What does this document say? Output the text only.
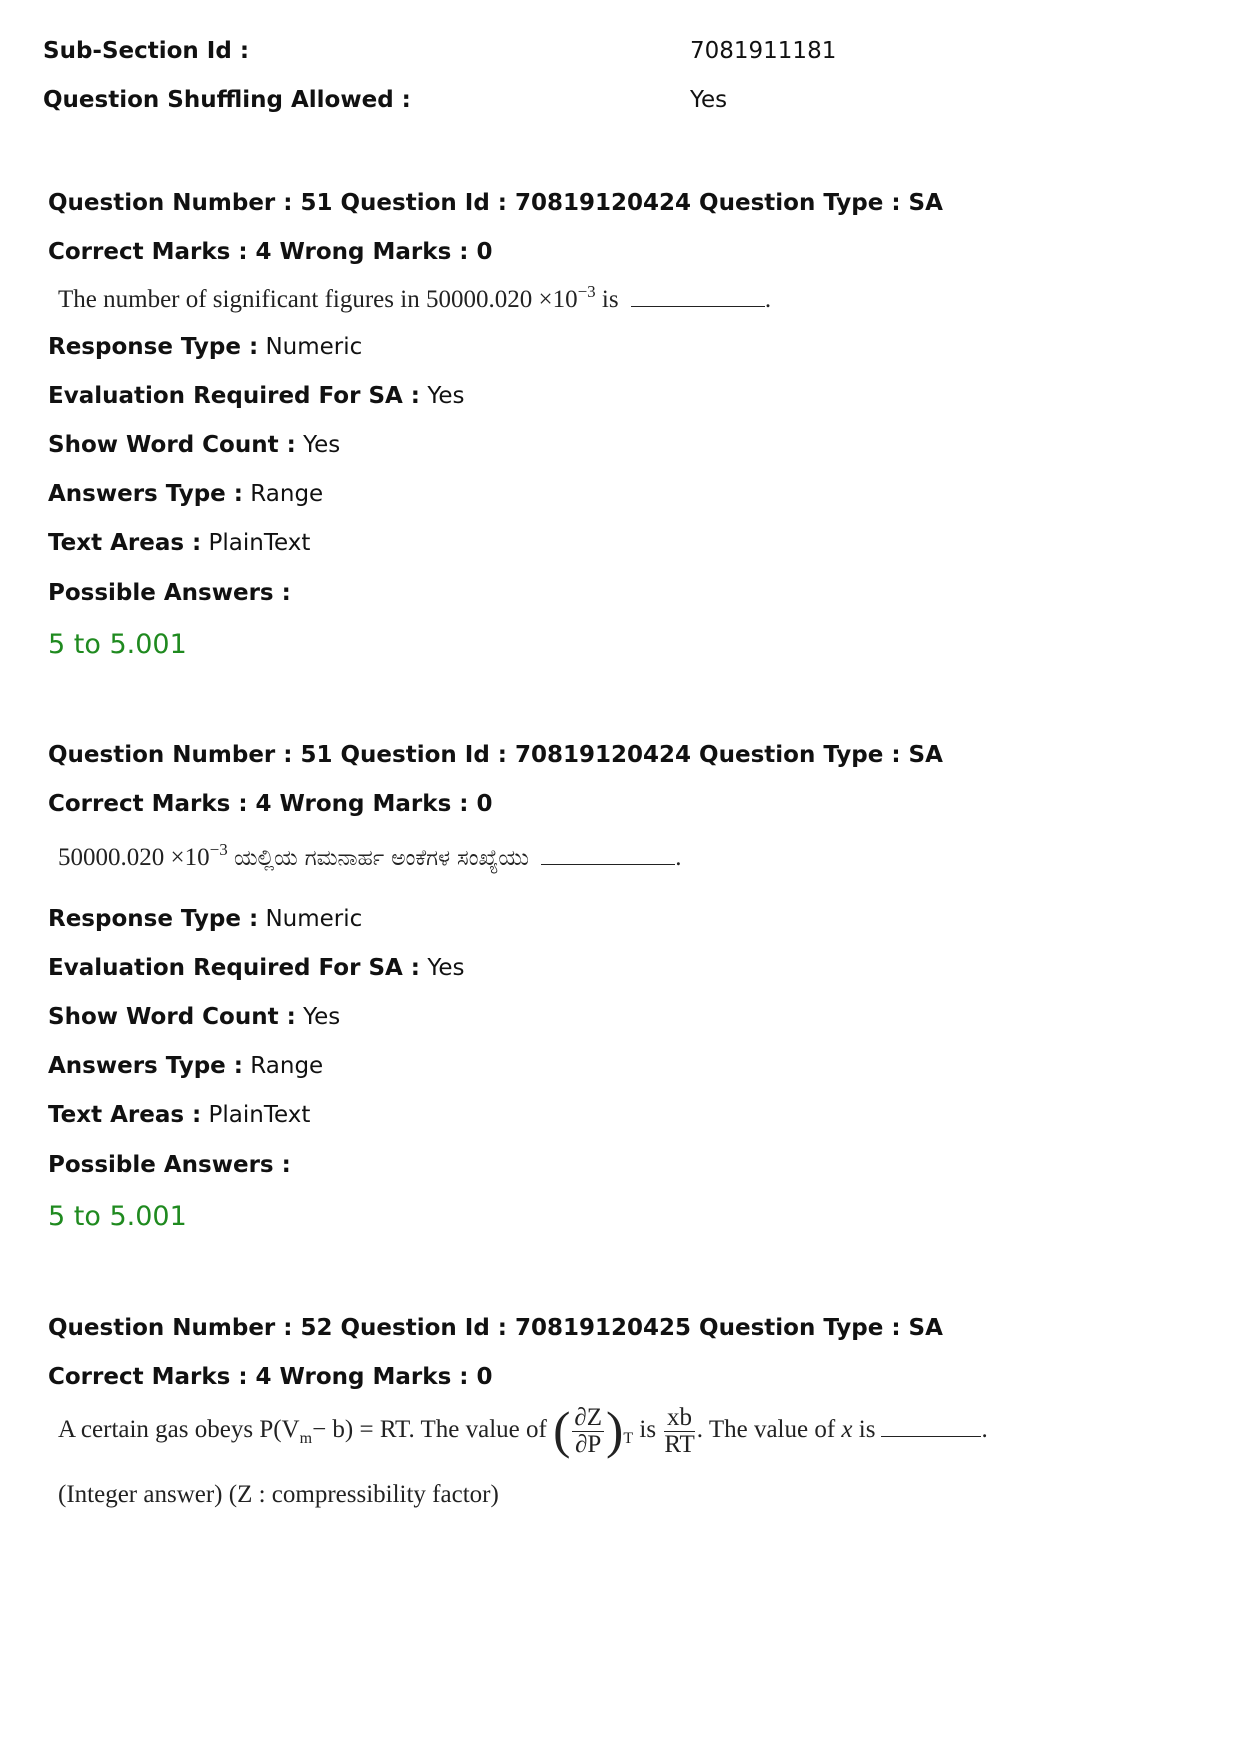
Sub-Section Id :	7081911181
Question Shuffling Allowed :	Yes
Question Number : 51 Question Id : 70819120424 Question Type : SA
Correct Marks : 4 Wrong Marks : 0
The number of significant figures in $50000.020 \times 10^{-3}$ is	.
Response Type : Numeric
Evaluation Required For SA : Yes
Show Word Count : Yes
Answers Type : Range
Text Areas : PlainText
Possible Answers :
5 to 5.001
Question Number : 51 Question Id : 70819120424 Question Type : SA
Correct Marks : 4 Wrong Marks : 0
$50000.020 \times 10^{-3}$ ಯಲ್ಲಿಯ ಗಮನಾರ್ಹ ಅಂಕೆಗಳ ಸಂಖ್ಯೆಯು	.
Response Type : Numeric
Evaluation Required For SA : Yes
Show Word Count : Yes
Answers Type : Range
Text Areas : PlainText
Possible Answers :
5 to 5.001
Question Number : 52 Question Id : 70819120425 Question Type : SA
Correct Marks : 4 Wrong Marks : 0
A certain gas obeys $P(V_m- b)$ = RT. The value of ( $\frac{\partial Z}{\partial P} )_T$ is $\frac{xb}{RT}$ . The value of x is	.
(Integer answer) (Z : compressibility factor)
